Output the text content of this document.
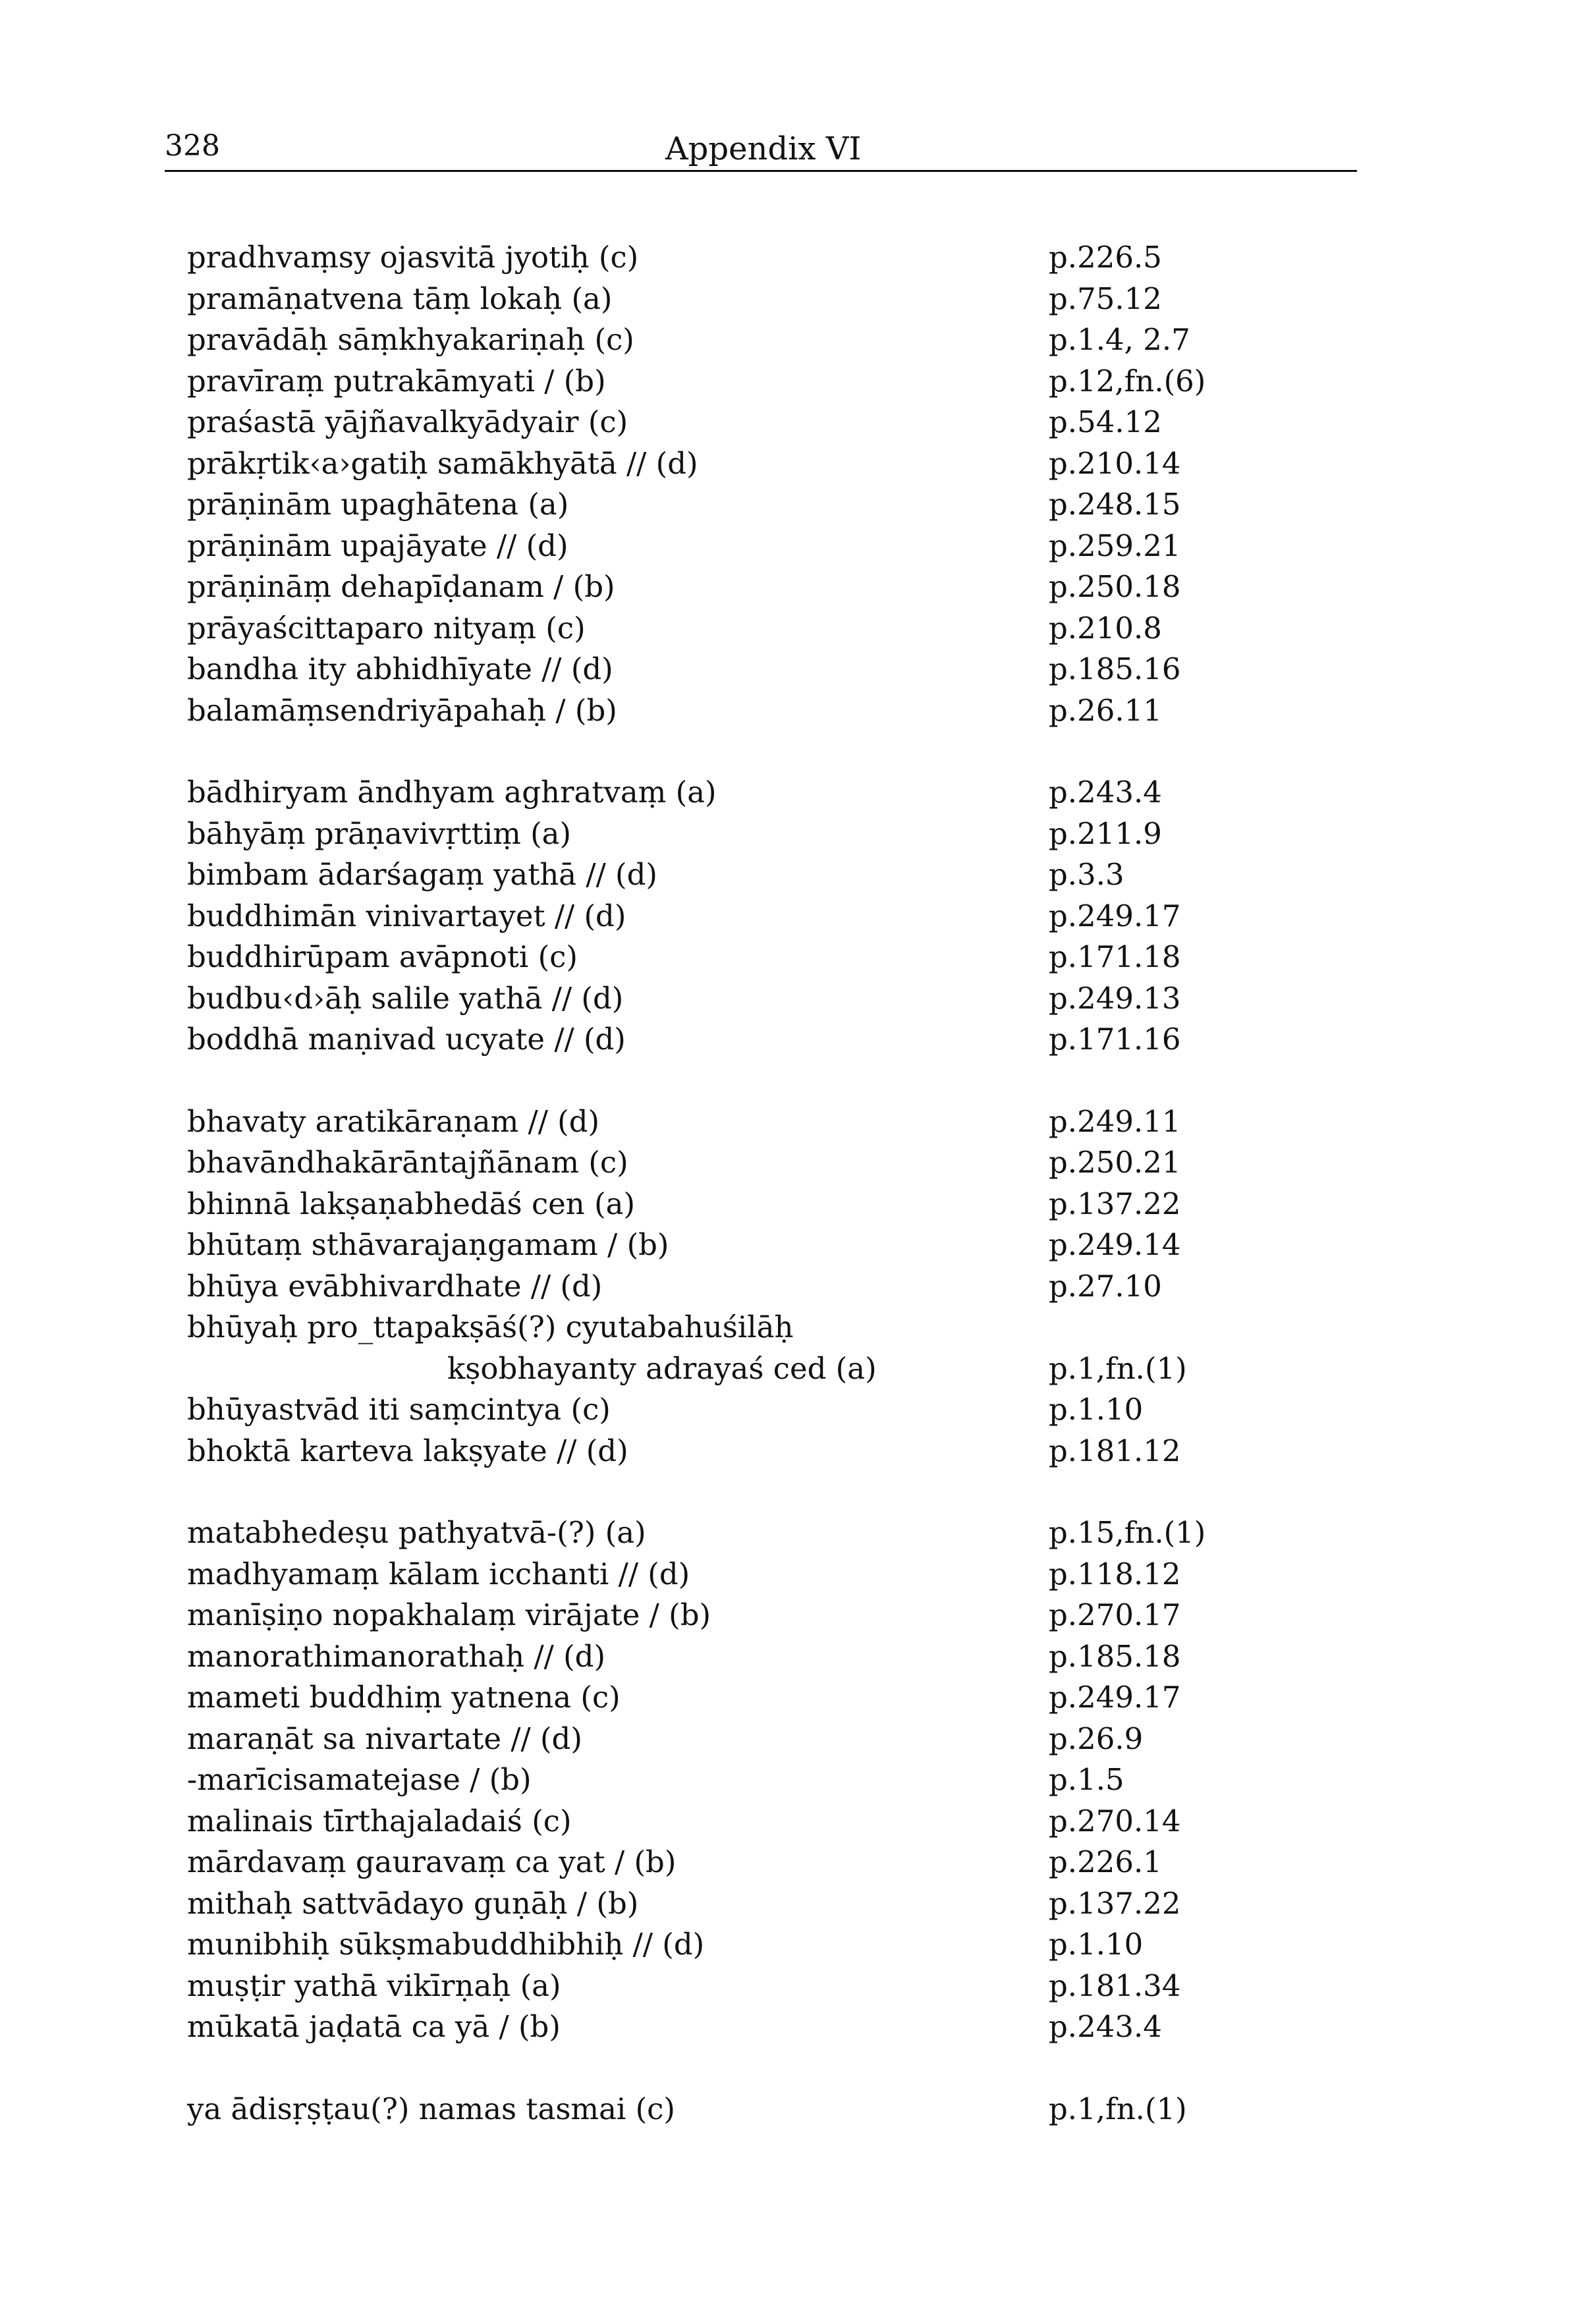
328	Appendix VI
pradhvaṃsy ojasvitā jyotiḥ (c)	p.226.5
pramāṇatvena tāṃ lokaḥ (a)	p.75.12
pravādāḥ sāṃkhyakariṇaḥ (c)	p.1.4, 2.7
pravīraṃ putrakāmyati / (b)	p.12,fn.(6)
praśastā yājñavalkyādyair (c)	p.54.12
prākṛtik‹a›gatiḥ samākhyātā // (d)	p.210.14
prāṇinām upaghātena (a)	p.248.15
prāṇinām upajāyate // (d)	p.259.21
prāṇināṃ dehapīḍanam / (b)	p.250.18
prāyaścittaparo nityaṃ (c)	p.210.8
bandha ity abhidhīyate // (d)	p.185.16
balamāṃsendriyāpahaḥ / (b)	p.26.11
bādhiryam āndhyam aghratvaṃ (a)	p.243.4
bāhyāṃ prāṇavivṛttiṃ (a)	p.211.9
bimbam ādarśagaṃ yathā // (d)	p.3.3
buddhimān vinivartayet // (d)	p.249.17
buddhirūpam avāpnoti (c)	p.171.18
budbu‹d›āḥ salile yathā // (d)	p.249.13
boddhā maṇivad ucyate // (d)	p.171.16
bhavaty aratikāraṇam // (d)	p.249.11
bhavāndhakārāntajñānam (c)	p.250.21
bhinnā lakṣaṇabhedāś cen (a)	p.137.22
bhūtaṃ sthāvarajaṇgamam / (b)	p.249.14
bhūya evābhivardhate // (d)	p.27.10
bhūyaḥ pro_ttapakṣāś(?) cyutabahuśilāḥ
kṣobhayanty adrayaś ced (a)	p.1,fn.(1)
bhūyastvād iti saṃcintya (c)	p.1.10
bhoktā karteva lakṣyate // (d)	p.181.12
matabhedeṣu pathyatvā-(?) (a)	p.15,fn.(1)
madhyamaṃ kālam icchanti // (d)	p.118.12
manīṣiṇo nopakhalaṃ virājate / (b)	p.270.17
manorathimanorathaḥ // (d)	p.185.18
mameti buddhiṃ yatnena (c)	p.249.17
maraṇāt sa nivartate // (d)	p.26.9
-marīcisamatejase / (b)	p.1.5
malinais tīrthajaladaiś (c)	p.270.14
mārdavaṃ gauravaṃ ca yat / (b)	p.226.1
mithaḥ sattvādayo guṇāḥ / (b)	p.137.22
munibhiḥ sūkṣmabuddhibhiḥ // (d)	p.1.10
muṣṭir yathā vikīrṇaḥ (a)	p.181.34
mūkatā jaḍatā ca yā / (b)	p.243.4
ya ādisṛṣṭau(?) namas tasmai (c)	p.1,fn.(1)
